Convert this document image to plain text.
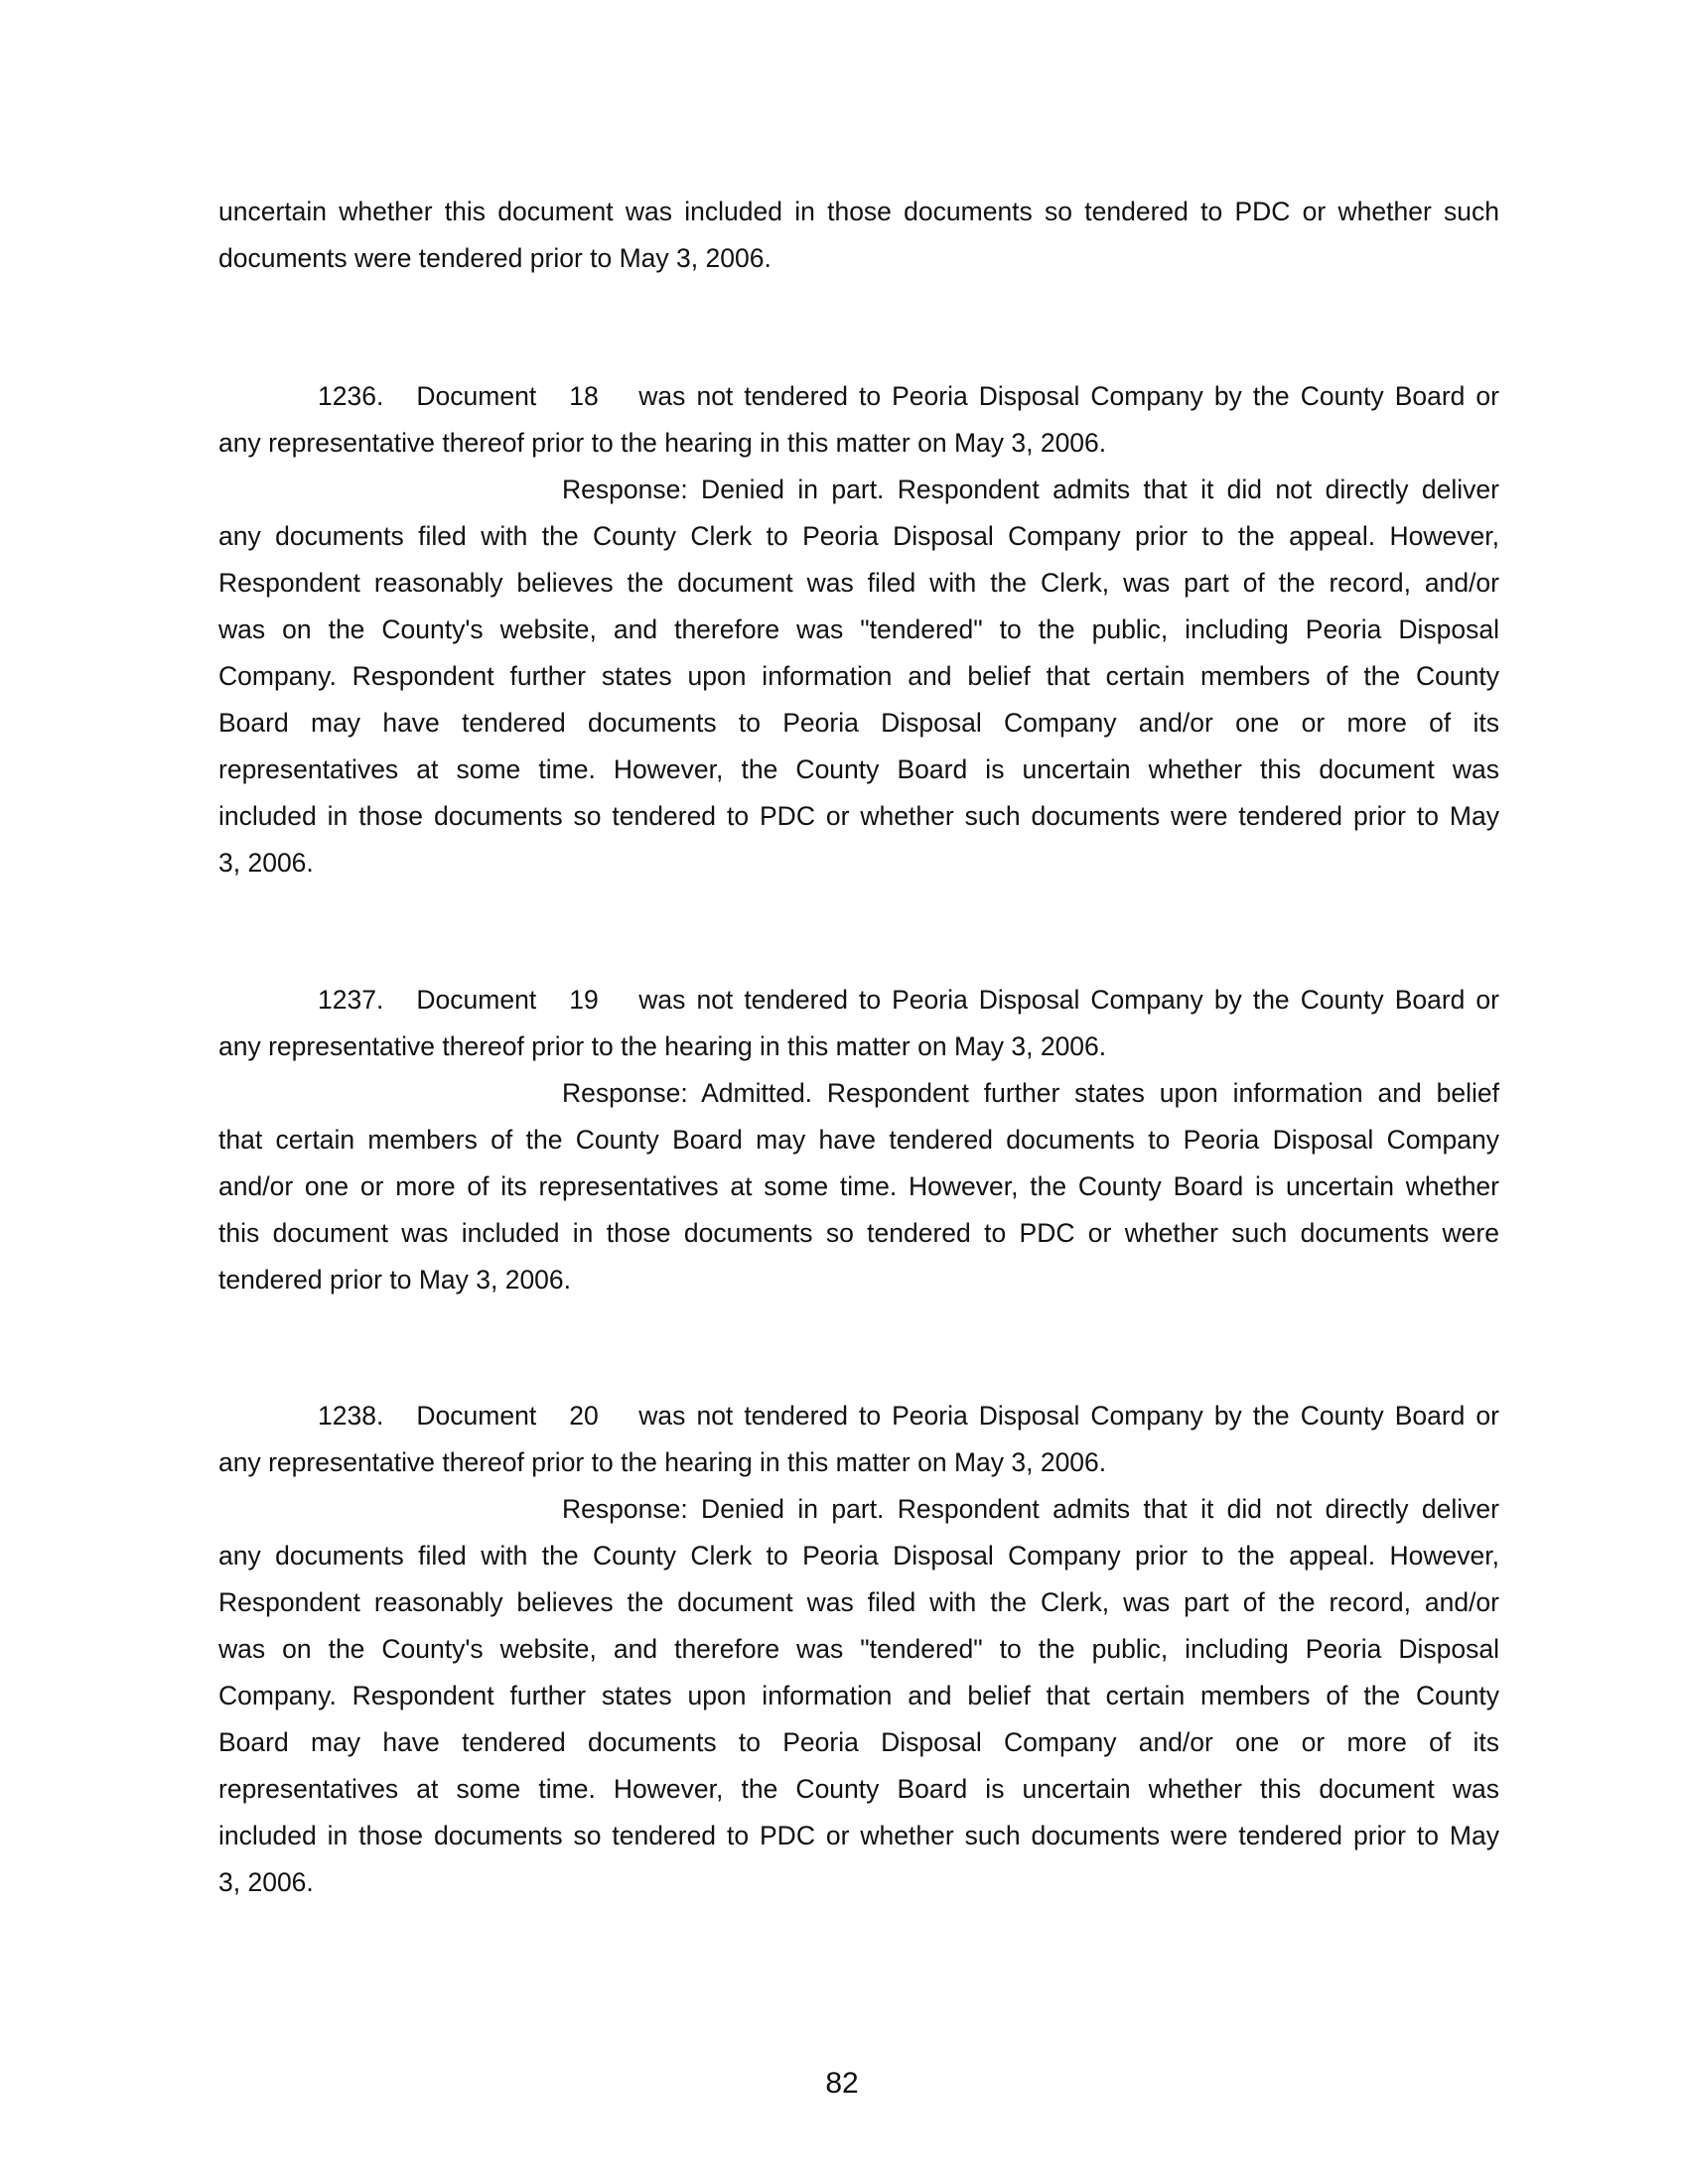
uncertain whether this document was included in those documents so tendered to PDC or whether such
documents were tendered prior to May 3, 2006.
1236. Document 18 was not tendered to Peoria Disposal Company by the County Board or
any representative thereof prior to the hearing in this matter on May 3, 2006.
Response: Denied in part. Respondent admits that it did not directly deliver
any documents filed with the County Clerk to Peoria Disposal Company prior to the appeal. However,
Respondent reasonably believes the document was filed with the Clerk, was part of the record, and/or
was on the County's website, and therefore was "tendered" to the public, including Peoria Disposal
Company. Respondent further states upon information and belief that certain members of the County
Board may have tendered documents to Peoria Disposal Company and/or one or more of its
representatives at some time. However, the County Board is uncertain whether this document was
included in those documents so tendered to PDC or whether such documents were tendered prior to May
3, 2006.
1237. Document 19 was not tendered to Peoria Disposal Company by the County Board or
any representative thereof prior to the hearing in this matter on May 3, 2006.
Response: Admitted. Respondent further states upon information and belief
that certain members of the County Board may have tendered documents to Peoria Disposal Company
and/or one or more of its representatives at some time. However, the County Board is uncertain whether
this document was included in those documents so tendered to PDC or whether such documents were
tendered prior to May 3, 2006.
1238. Document 20 was not tendered to Peoria Disposal Company by the County Board or
any representative thereof prior to the hearing in this matter on May 3, 2006.
Response: Denied in part. Respondent admits that it did not directly deliver
any documents filed with the County Clerk to Peoria Disposal Company prior to the appeal. However,
Respondent reasonably believes the document was filed with the Clerk, was part of the record, and/or
was on the County's website, and therefore was "tendered" to the public, including Peoria Disposal
Company. Respondent further states upon information and belief that certain members of the County
Board may have tendered documents to Peoria Disposal Company and/or one or more of its
representatives at some time. However, the County Board is uncertain whether this document was
included in those documents so tendered to PDC or whether such documents were tendered prior to May
3, 2006.
82
